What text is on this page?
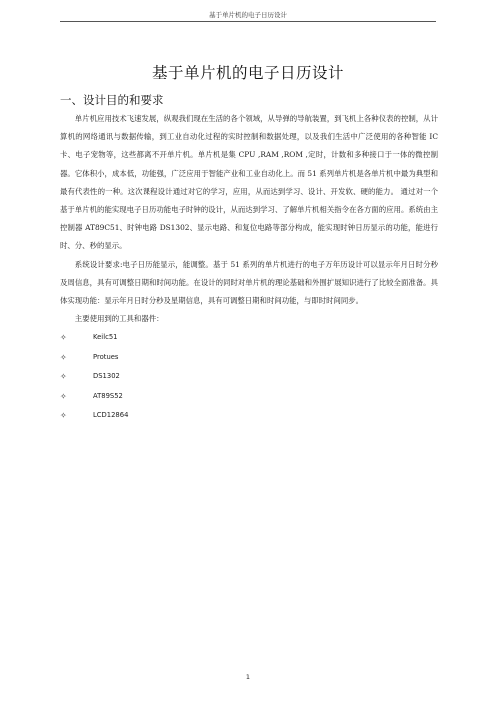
基于单片机的电子日历设计
基于单片机的电子日历设计
一、设计目的和要求

单片机应用技术飞速发展，纵观我们现在生活的各个领域，从导弹的导航装置，到飞机上各种仪表的控制，从计算机的网络通讯与数据传输，到工业自动化过程的实时控制和数据处理，以及我们生活中广泛使用的各种智能 IC 卡、电子宠物等，这些都离不开单片机。单片机是集 CPU ,RAM ,ROM ,定时，计数和多种接口于一体的微控制器。它体积小，成本低，功能强，广泛应用于智能产业和工业自动化上。而 51 系列单片机是各单片机中最为典型和最有代表性的一种。这次课程设计通过对它的学习，应用，从而达到学习、设计、开发软、硬的能力。 通过对一个基于单片机的能实现电子日历功能电子时钟的设计，从而达到学习、了解单片机相关指令在各方面的应用。系统由主控制器 AT89C51、时钟电路 DS1302、显示电路、和复位电路等部分构成，能实现时钟日历显示的功能，能进行时、分、秒的显示。

系统设计要求:电子日历能显示，能调整。基于 51 系列的单片机进行的电子万年历设计可以显示年月日时分秒及周信息，具有可调整日期和时间功能。在设计的同时对单片机的理论基础和外围扩展知识进行了比较全面准备。具体实现功能：显示年月日时分秒及星期信息，具有可调整日期和时间功能，与即时时间同步。

主要使用到的工具和器件：

✧	Keilc51
✧	Protues
✧	DS1302
✧	AT89S52
✧	LCD12864
1
